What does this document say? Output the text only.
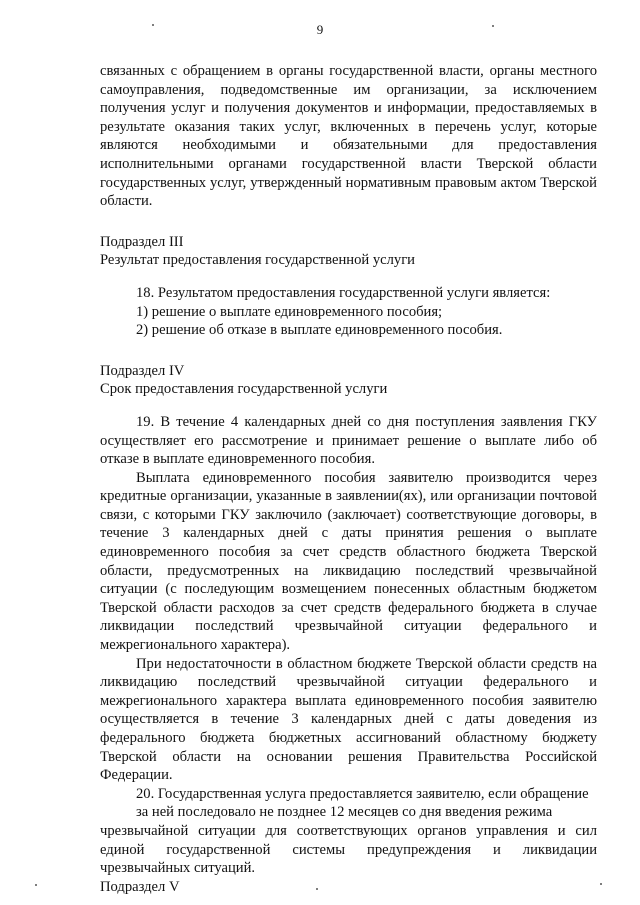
9

связанных с обращением в органы государственной власти, органы местного самоуправления, подведомственные им организации, за исключением получения услуг и получения документов и информации, предоставляемых в результате оказания таких услуг, включенных в перечень услуг, которые являются необходимыми и обязательными для предоставления исполнительными органами государственной власти Тверской области государственных услуг, утвержденный нормативным правовым актом Тверской области.

Подраздел III

Результат предоставления государственной услуги

18. Результатом предоставления государственной услуги является:

1) решение о выплате единовременного пособия;

2) решение об отказе в выплате единовременного пособия.

Подраздел IV

Срок предоставления государственной услуги

19. В течение 4 календарных дней со дня поступления заявления ГКУ осуществляет его рассмотрение и принимает решение о выплате либо об отказе в выплате единовременного пособия.

Выплата единовременного пособия заявителю производится через кредитные организации, указанные в заявлении(ях), или организации почтовой связи, с которыми ГКУ заключило (заключает) соответствующие договоры, в течение 3 календарных дней с даты принятия решения о выплате единовременного пособия за счет средств областного бюджета Тверской области, предусмотренных на ликвидацию последствий чрезвычайной ситуации (с последующим возмещением понесенных областным бюджетом Тверской области расходов за счет средств федерального бюджета в случае ликвидации последствий чрезвычайной ситуации федерального и межрегионального характера).

При недостаточности в областном бюджете Тверской области средств на ликвидацию последствий чрезвычайной ситуации федерального и межрегионального характера выплата единовременного пособия заявителю осуществляется в течение 3 календарных дней с даты доведения из федерального бюджета бюджетных ассигнований областному бюджету Тверской области на основании решения Правительства Российской Федерации.

20. Государственная услуга предоставляется заявителю, если обращение

за ней последовало не позднее 12 месяцев со дня введения режима

чрезвычайной ситуации для соответствующих органов управления и сил единой государственной системы предупреждения и ликвидации чрезвычайных ситуаций.

Подраздел V
